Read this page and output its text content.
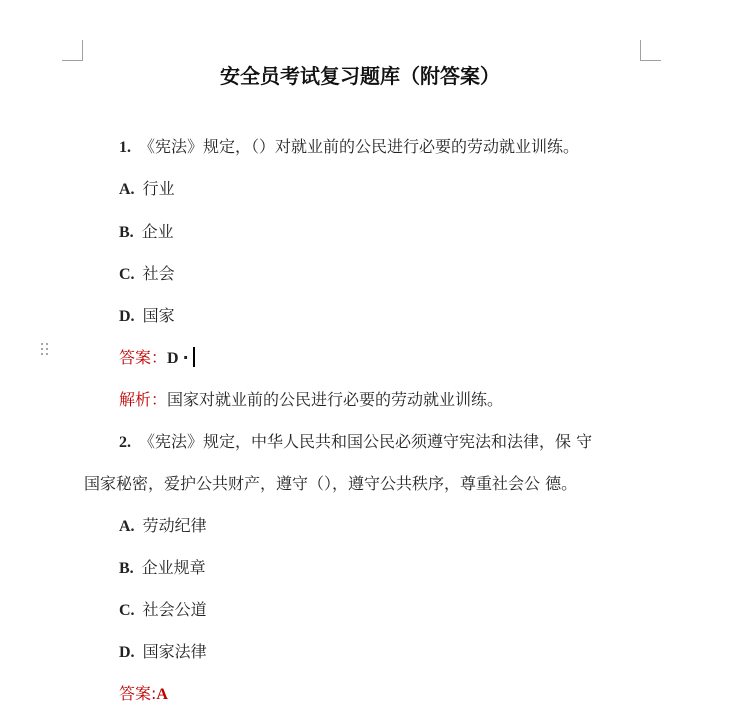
安全员考试复习题库（附答案）
1. 《宪法》规定，（）对就业前的公民进行必要的劳动就业训练。
A. 行业
B. 企业
C. 社会
D. 国家
答案：D ·
解析：国家对就业前的公民进行必要的劳动就业训练。
2. 《宪法》规定，中华人民共和国公民必须遵守宪法和法律，保 守
国家秘密，爱护公共财产，遵守（），遵守公共秩序，尊重社会公 德。
A. 劳动纪律
B. 企业规章
C. 社会公道
D. 国家法律
答案:A
